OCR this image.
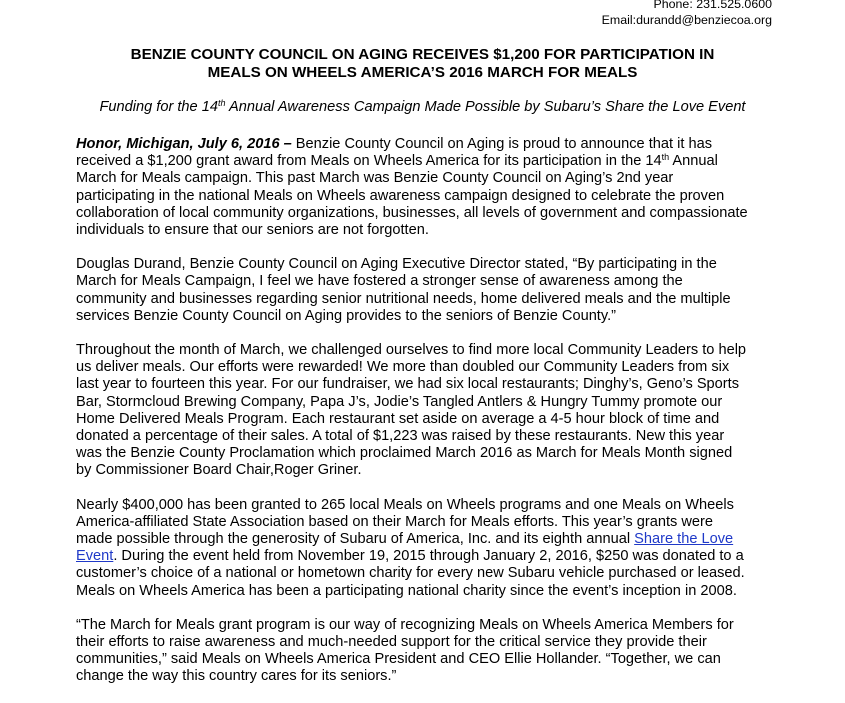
Phone: 231.525.0600
Email:durandd@benziecoa.org
BENZIE COUNTY COUNCIL ON AGING RECEIVES $1,200 FOR PARTICIPATION IN
MEALS ON WHEELS AMERICA’S 2016 MARCH FOR MEALS
Funding for the 14th Annual Awareness Campaign Made Possible by Subaru’s Share the Love Event
Honor, Michigan, July 6, 2016 – Benzie County Council on Aging is proud to announce that it has
received a $1,200 grant award from Meals on Wheels America for its participation in the 14th Annual
March for Meals campaign. This past March was Benzie County Council on Aging’s 2nd year
participating in the national Meals on Wheels awareness campaign designed to celebrate the proven
collaboration of local community organizations, businesses, all levels of government and compassionate
individuals to ensure that our seniors are not forgotten.
Douglas Durand, Benzie County Council on Aging Executive Director stated, “By participating in the
March for Meals Campaign, I feel we have fostered a stronger sense of awareness among the
community and businesses regarding senior nutritional needs, home delivered meals and the multiple
services Benzie County Council on Aging provides to the seniors of Benzie County.”
Throughout the month of March, we challenged ourselves to find more local Community Leaders to help
us deliver meals. Our efforts were rewarded! We more than doubled our Community Leaders from six
last year to fourteen this year. For our fundraiser, we had six local restaurants; Dinghy’s, Geno’s Sports
Bar, Stormcloud Brewing Company, Papa J’s, Jodie’s Tangled Antlers & Hungry Tummy promote our
Home Delivered Meals Program. Each restaurant set aside on average a 4-5 hour block of time and
donated a percentage of their sales. A total of $1,223 was raised by these restaurants. New this year
was the Benzie County Proclamation which proclaimed March 2016 as March for Meals Month signed
by Commissioner Board Chair,Roger Griner.
Nearly $400,000 has been granted to 265 local Meals on Wheels programs and one Meals on Wheels
America-affiliated State Association based on their March for Meals efforts. This year’s grants were
made possible through the generosity of Subaru of America, Inc. and its eighth annual Share the Love
Event. During the event held from November 19, 2015 through January 2, 2016, $250 was donated to a
customer’s choice of a national or hometown charity for every new Subaru vehicle purchased or leased.
Meals on Wheels America has been a participating national charity since the event’s inception in 2008.
“The March for Meals grant program is our way of recognizing Meals on Wheels America Members for
their efforts to raise awareness and much-needed support for the critical service they provide their
communities,” said Meals on Wheels America President and CEO Ellie Hollander. “Together, we can
change the way this country cares for its seniors.”
